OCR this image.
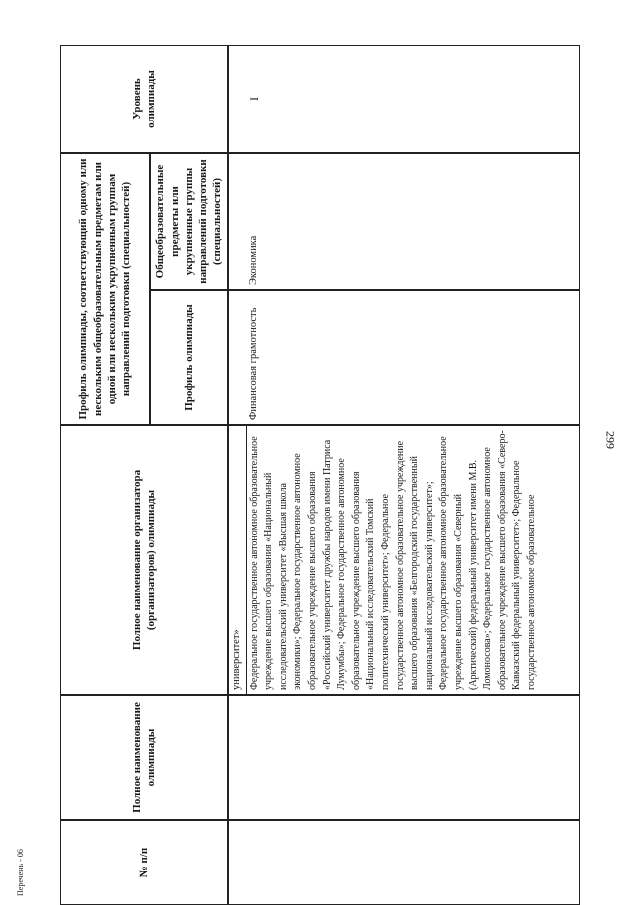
299
Перечень - 06	№ п/п
Полное наименование олимпиады
Полное наименование организатора (организаторов) олимпиады
Профиль олимпиады, соответствующий одному или нескольким общеобразовательным предметам или одной или нескольким укрупненным группам направлений подготовки (специальностей)	Профиль олимпиады
Общеобразовательные предметы или укрупненные группы направлений подготовки (специальностей)
Уровень олимпиады
университет» Федеральное государственное автономное образовательное учреждение высшего образования «Национальный исследовательский университет «Высшая школа экономики»; Федеральное государственное автономное образовательное учреждение высшего образования «Российский университет дружбы народов имени Патриса Лумумбы»; Федеральное государственное автономное образовательное учреждение высшего образования «Национальный исследовательский Томский политехнический университет»; Федеральное государственное автономное образовательное учреждение высшего образования «Белгородский государственный национальный исследовательский университет»; Федеральное государственное автономное образовательное учреждение высшего образования «Северный (Арктический) федеральный университет имени М.В. Ломоносова»; Федеральное государственное автономное образовательное учреждение высшего образования «Северо-Кавказский федеральный университет»; Федеральное государственное автономное образовательное
Финансовая грамотность
Экономика
I
